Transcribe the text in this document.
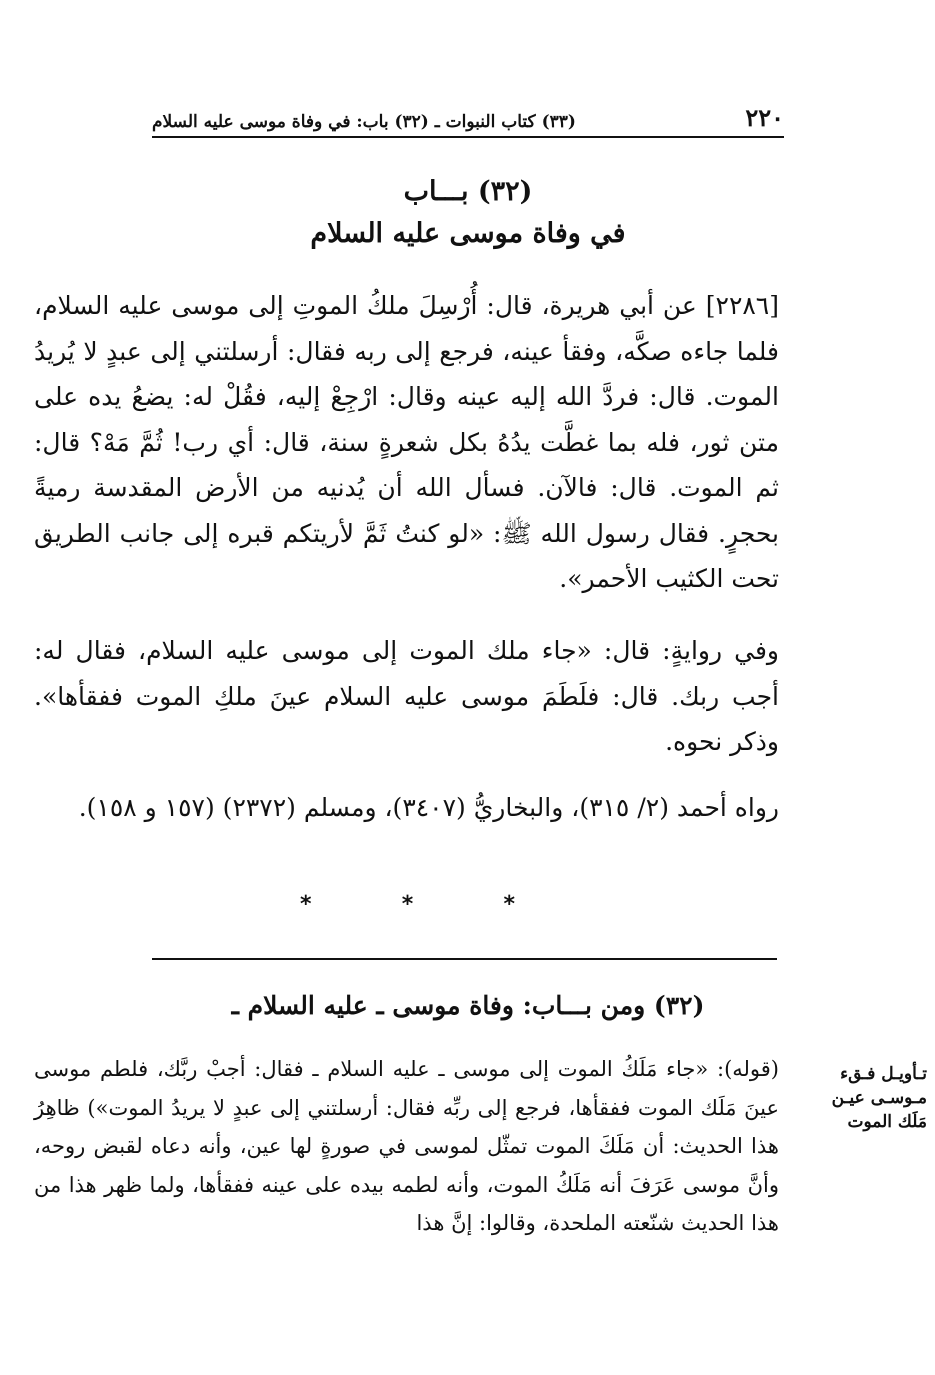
٢٢٠
(٣٣) كتاب النبوات ـ (٣٢) باب: في وفاة موسى عليه السلام
(٣٢) بـــاب
في وفاة موسى عليه السلام
[٢٢٨٦] عن أبي هريرة، قال: أُرْسِلَ ملكُ الموتِ إلى موسى عليه السلام، فلما جاءه صكَّه، وفقأ عينه، فرجع إلى ربه فقال: أرسلتني إلى عبدٍ لا يُريدُ الموت. قال: فردَّ الله إليه عينه وقال: ارْجِعْ إليه، فقُلْ له: يضعُ يده على متن ثور، فله بما غطَّت يدُهُ بكل شعرةٍ سنة، قال: أي رب! ثُمَّ مَهْ؟ قال: ثم الموت. قال: فالآن. فسأل الله أن يُدنيه من الأرض المقدسة رميةً بحجرٍ. فقال رسول الله ﷺ: «لو كنتُ ثَمَّ لأريتكم قبره إلى جانب الطريق تحت الكثيب الأحمر».
وفي روايةٍ: قال: «جاء ملك الموت إلى موسى عليه السلام، فقال له: أجب ربك. قال: فلَطَمَ موسى عليه السلام عينَ ملكِ الموت ففقأها». وذكر نحوه.
رواه أحمد (٢/ ٣١٥)، والبخاريُّ (٣٤٠٧)، ومسلم (٢٣٧٢) (١٥٧ و ١٥٨).
*	*	*
(٣٢) ومن بـــاب: وفاة موسى ـ عليه السلام ـ
تـأويـل فـقء
مـوسـى عيـن
مَلَك الموت
(قوله): «جاء مَلَكُ الموت إلى موسى ـ عليه السلام ـ فقال: أجبْ ربَّك، فلطم موسى عينَ مَلَك الموت ففقأها، فرجع إلى ربِّه فقال: أرسلتني إلى عبدٍ لا يريدُ الموت») ظاهِرُ هذا الحديث: أن مَلَكَ الموت تمثّل لموسى في صورةٍ لها عين، وأنه دعاه لقبض روحه، وأنَّ موسى عَرَفَ أنه مَلَكُ الموت، وأنه لطمه بيده على عينه ففقأها، ولما ظهر هذا من هذا الحديث شنّعته الملحدة، وقالوا: إنَّ هذا
